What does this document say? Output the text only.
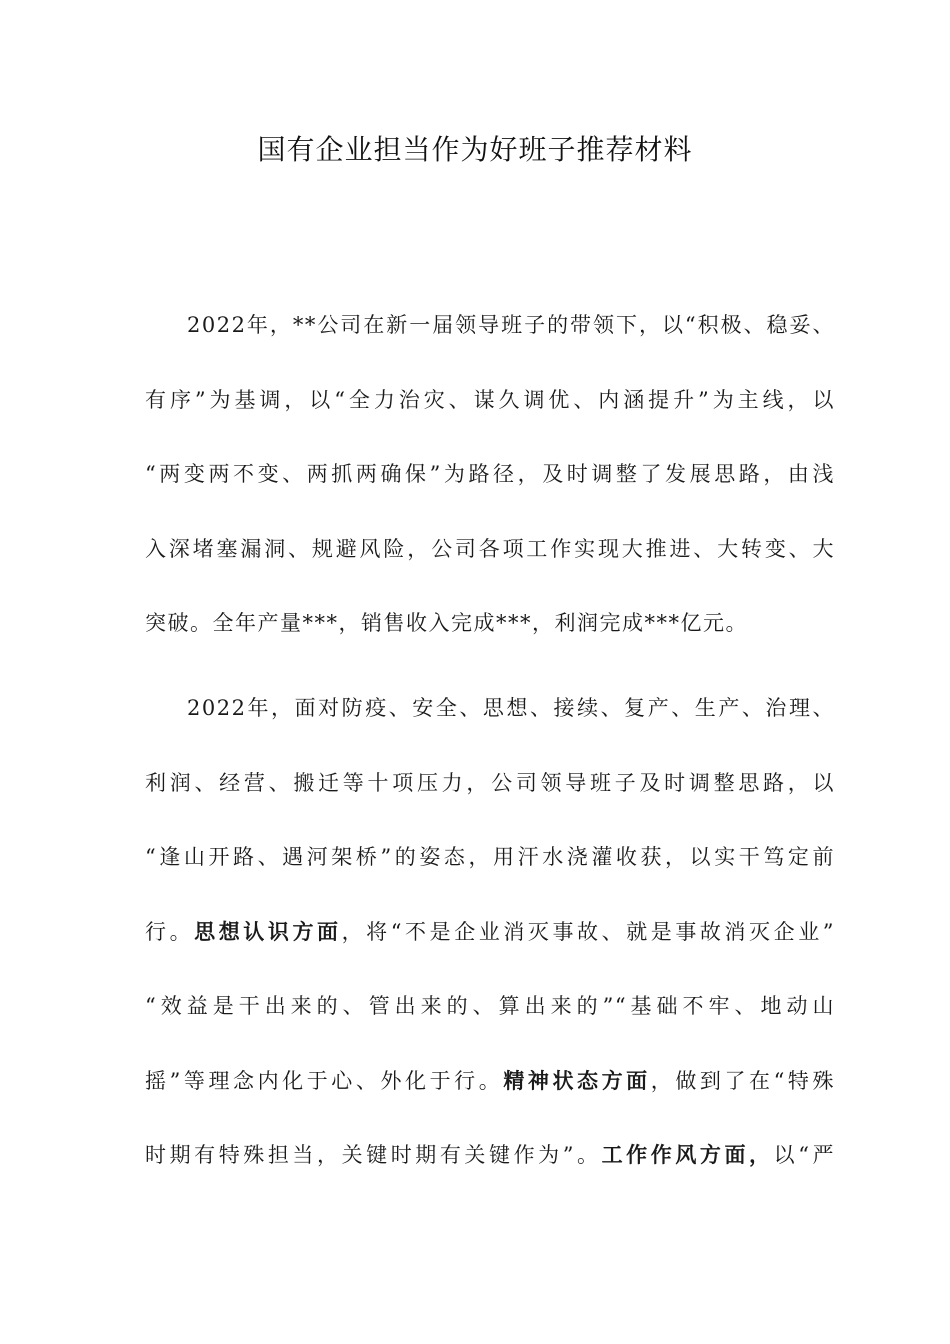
国有企业担当作为好班子推荐材料
2022年，**公司在新一届领导班子的带领下，以“积极、稳妥、
有序”为基调，以“全力治灾、谋久调优、内涵提升”为主线，以
“两变两不变、两抓两确保”为路径，及时调整了发展思路，由浅
入深堵塞漏洞、规避风险，公司各项工作实现大推进、大转变、大
突破。全年产量***，销售收入完成***，利润完成***亿元。
2022年，面对防疫、安全、思想、接续、复产、生产、治理、
利润、经营、搬迁等十项压力，公司领导班子及时调整思路，以
“逢山开路、遇河架桥”的姿态，用汗水浇灌收获，以实干笃定前
行。思想认识方面，将“不是企业消灭事故、就是事故消灭企业”
“效益是干出来的、管出来的、算出来的”“基础不牢、地动山
摇”等理念内化于心、外化于行。精神状态方面，做到了在“特殊
时期有特殊担当，关键时期有关键作为”。工作作风方面，以“严
